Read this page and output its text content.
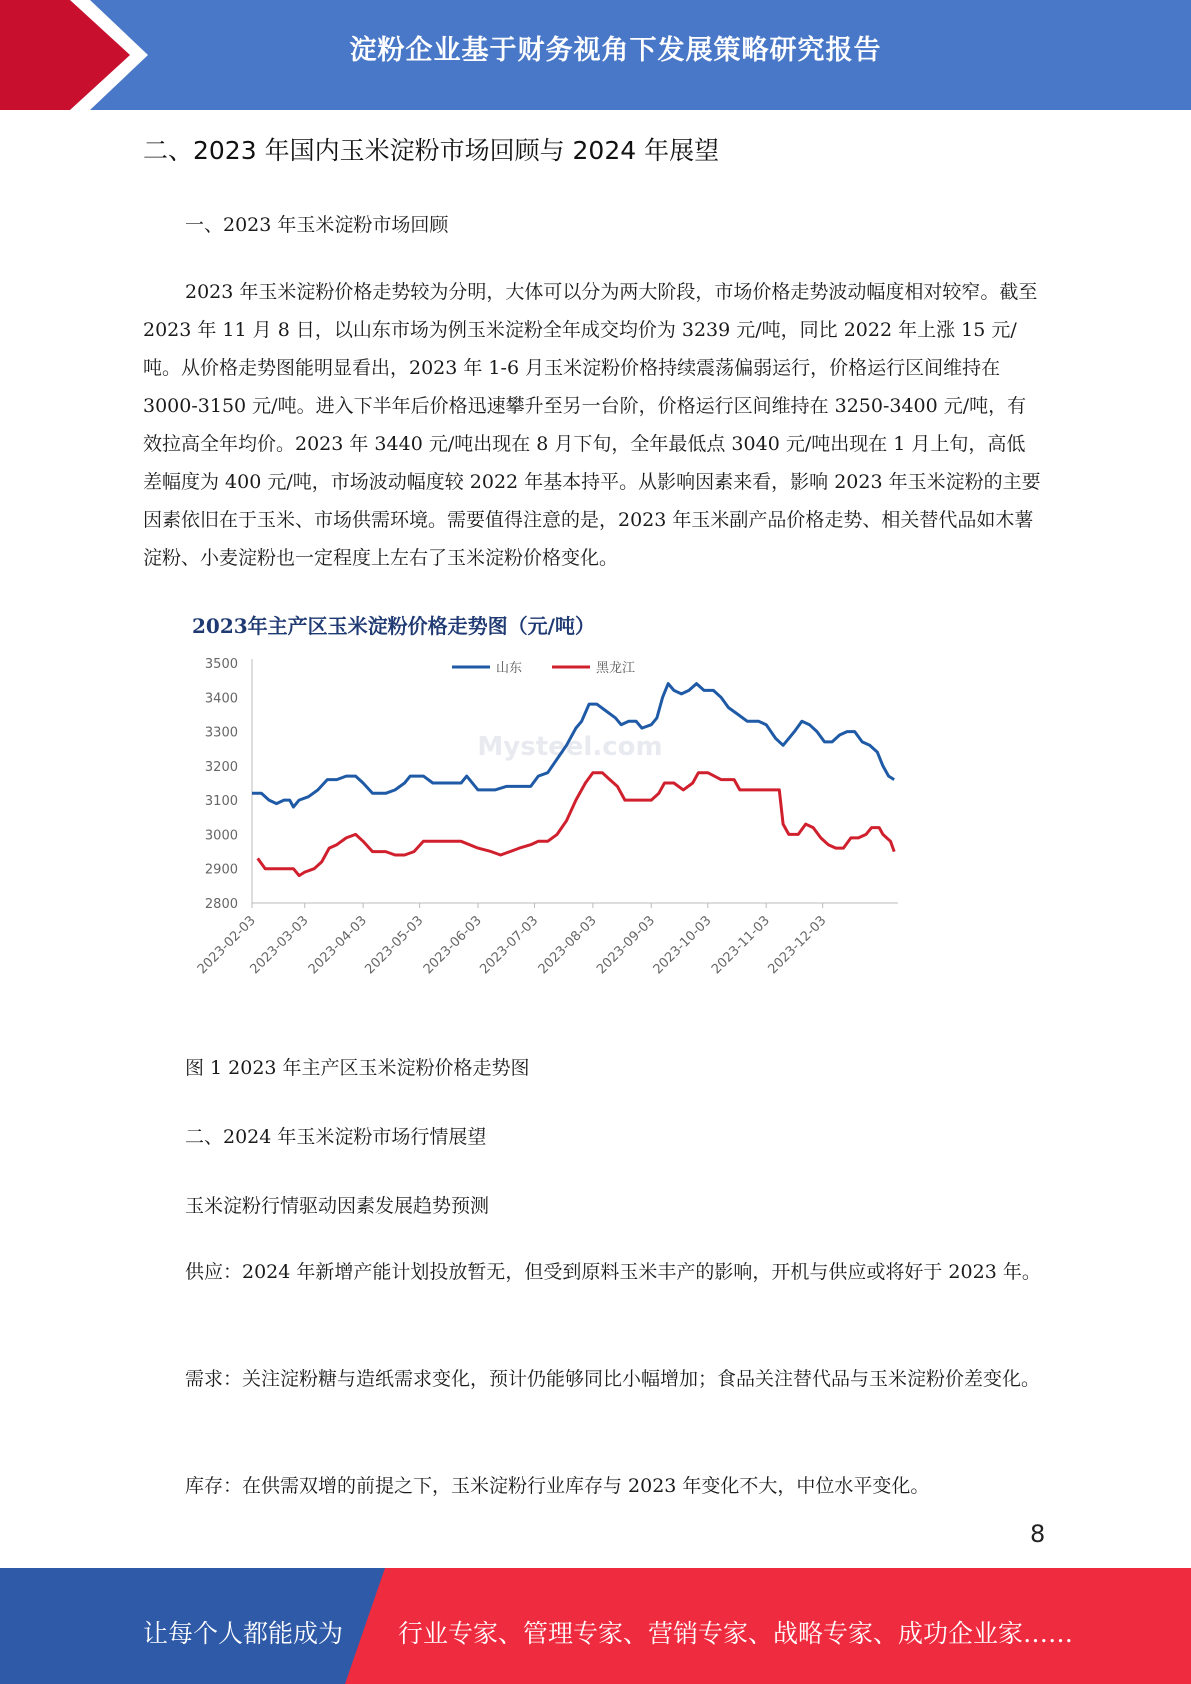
淀粉企业基于财务视角下发展策略研究报告
二、2023 年国内玉米淀粉市场回顾与 2024 年展望
一、2023 年玉米淀粉市场回顾
2023 年玉米淀粉价格走势较为分明，大体可以分为两大阶段，市场价格走势波动幅度相对较窄。截至 2023 年 11 月 8 日，以山东市场为例玉米淀粉全年成交均价为 3239 元/吨，同比 2022 年上涨 15 元/吨。从价格走势图能明显看出，2023 年 1-6 月玉米淀粉价格持续震荡偏弱运行，价格运行区间维持在 3000-3150 元/吨。进入下半年后价格迅速攀升至另一台阶，价格运行区间维持在 3250-3400 元/吨，有效拉高全年均价。2023 年 3440 元/吨出现在 8 月下旬，全年最低点 3040 元/吨出现在 1 月上旬，高低差幅度为 400 元/吨，市场波动幅度较 2022 年基本持平。从影响因素来看，影响 2023 年玉米淀粉的主要因素依旧在于玉米、市场供需环境。需要值得注意的是，2023 年玉米副产品价格走势、相关替代品如木薯淀粉、小麦淀粉也一定程度上左右了玉米淀粉价格变化。
2023年主产区玉米淀粉价格走势图（元/吨）
Mysteel.com
2800
2900
3000
3100
3200
3300
3400
3500
2023-02-03
2023-03-03
2023-04-03
2023-05-03
2023-06-03
2023-07-03
2023-08-03
2023-09-03
2023-10-03
2023-11-03
2023-12-03
山东	黑龙江
图 1 2023 年主产区玉米淀粉价格走势图
二、2024 年玉米淀粉市场行情展望
玉米淀粉行情驱动因素发展趋势预测
供应：2024 年新增产能计划投放暂无，但受到原料玉米丰产的影响，开机与供应或将好于 2023 年。
需求：关注淀粉糖与造纸需求变化，预计仍能够同比小幅增加；食品关注替代品与玉米淀粉价差变化。
库存：在供需双增的前提之下，玉米淀粉行业库存与 2023 年变化不大，中位水平变化。
8
让每个人都能成为 行业专家、管理专家、营销专家、战略专家、成功企业家……
